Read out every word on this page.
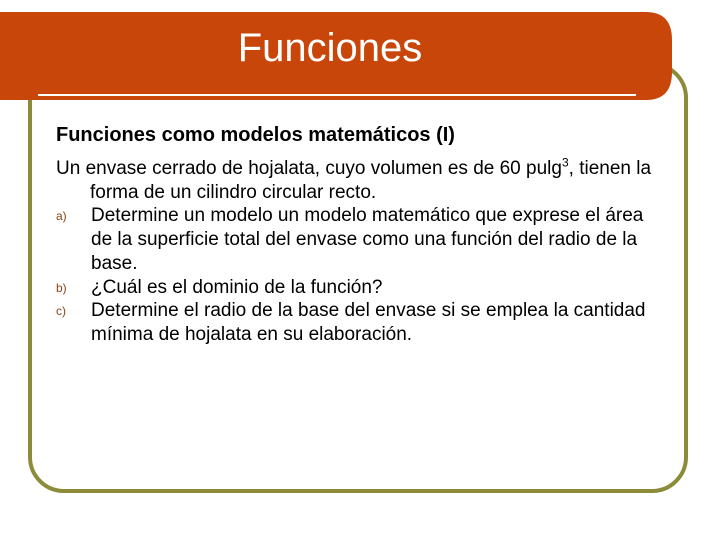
Funciones
Funciones como modelos matemáticos (I)
Un envase cerrado de hojalata, cuyo volumen es de 60 pulg$^3$, tienen la forma de un cilindro circular recto.
a) Determine un modelo un modelo matemático que exprese el área de la superficie total del envase como una función del radio de la base.
b) ¿Cuál es el dominio de la función?
c) Determine el radio de la base del envase si se emplea la cantidad mínima de hojalata en su elaboración.
